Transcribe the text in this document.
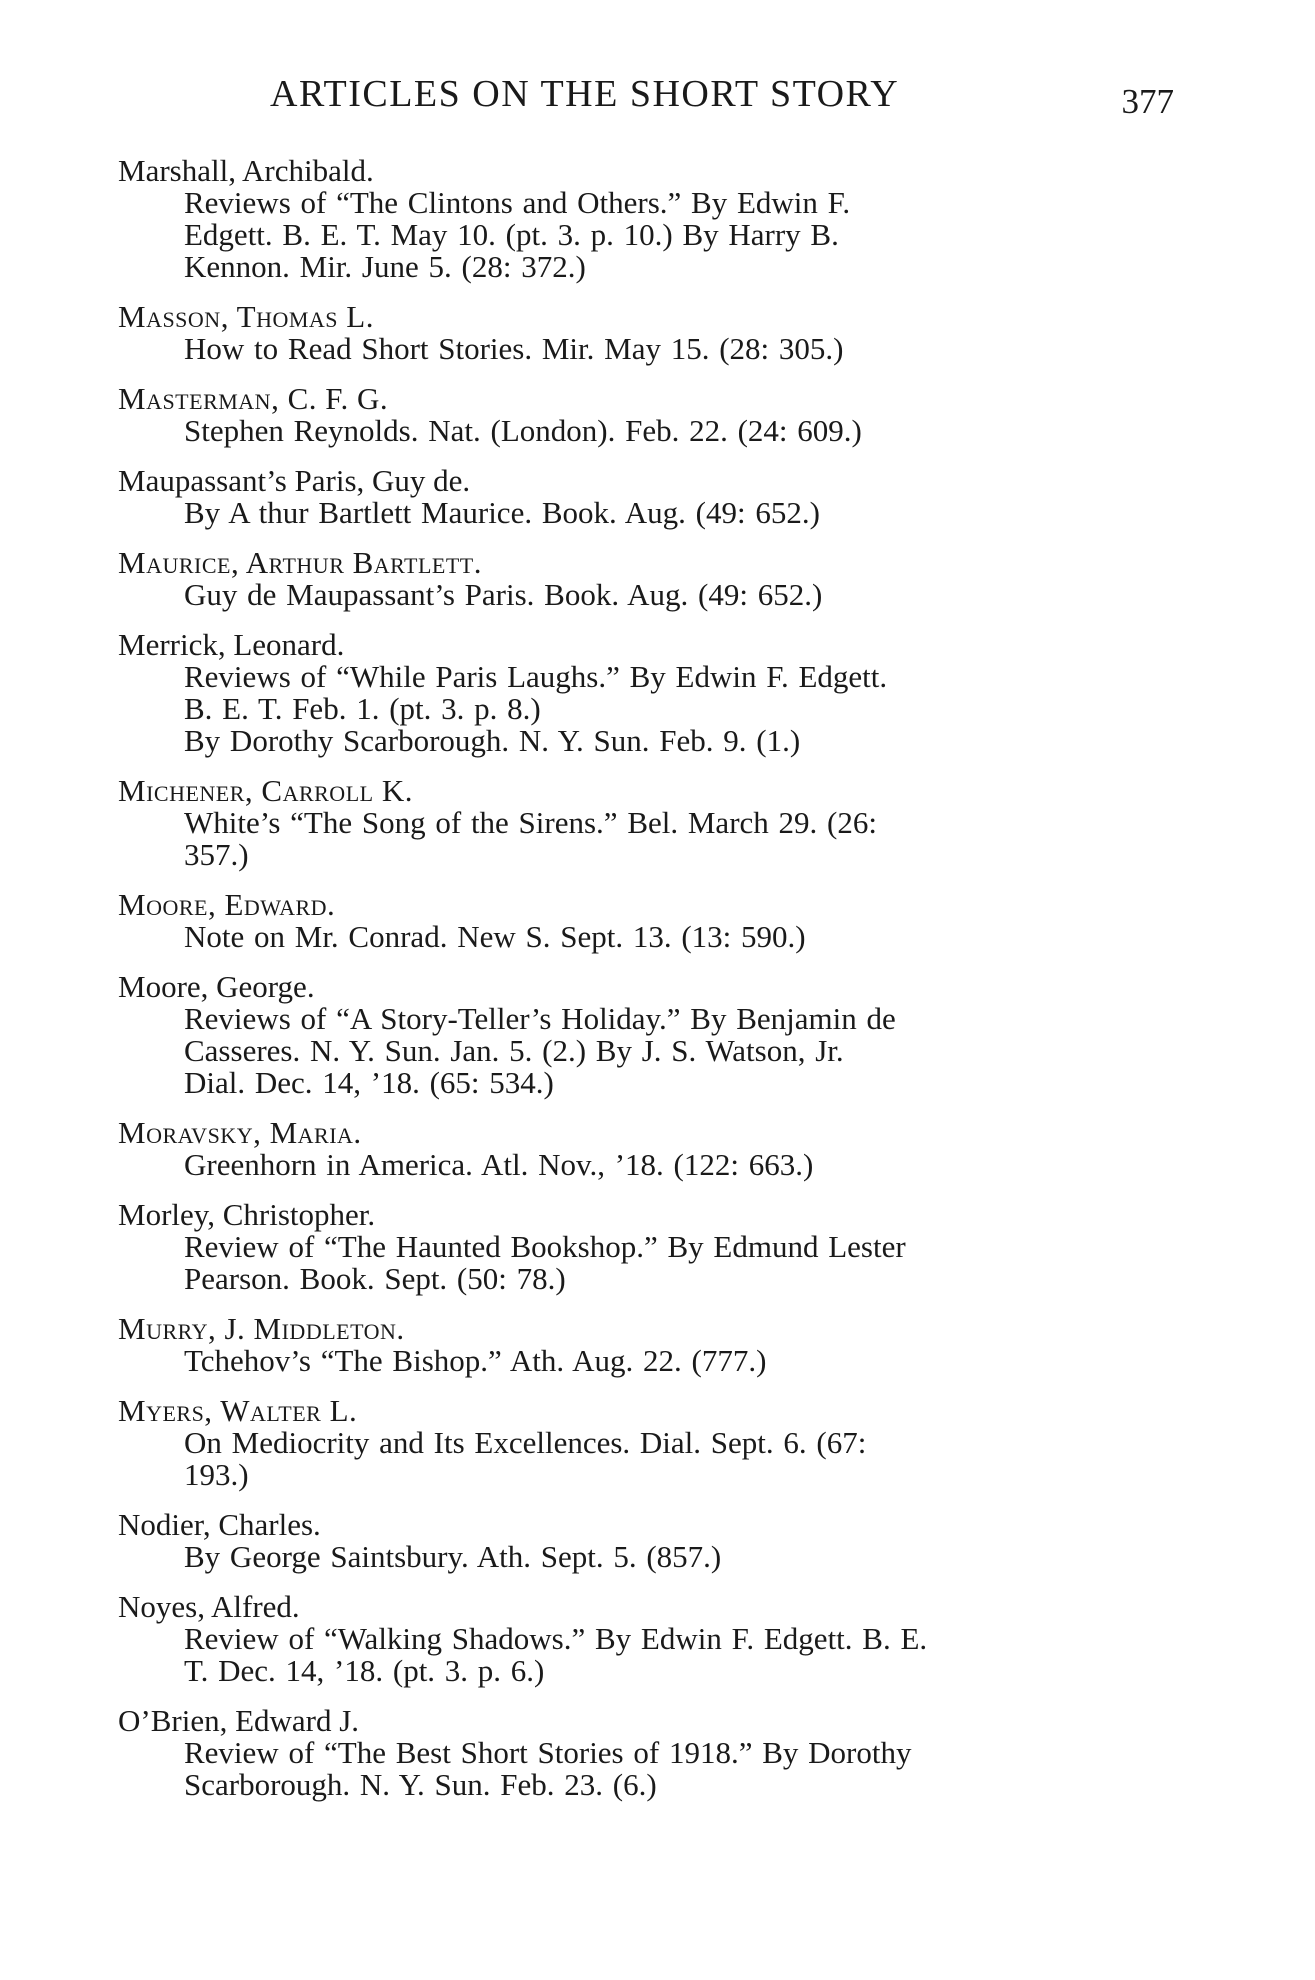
ARTICLES ON THE SHORT STORY	377
Marshall, Archibald.
Reviews of “The Clintons and Others.” By Edwin F.
Edgett. B. E. T. May 10. (pt. 3. p. 10.) By Harry B.
Kennon. Mir. June 5. (28: 372.)
Masson, Thomas L.
How to Read Short Stories. Mir. May 15. (28: 305.)
Masterman, C. F. G.
Stephen Reynolds. Nat. (London). Feb. 22. (24: 609.)
Maupassant’s Paris, Guy de.
By A thur Bartlett Maurice. Book. Aug. (49: 652.)
Maurice, Arthur Bartlett.
Guy de Maupassant’s Paris. Book. Aug. (49: 652.)
Merrick, Leonard.
Reviews of “While Paris Laughs.” By Edwin F. Edgett.
B. E. T. Feb. 1. (pt. 3. p. 8.)
By Dorothy Scarborough. N. Y. Sun. Feb. 9. (1.)
Michener, Carroll K.
White’s “The Song of the Sirens.” Bel. March 29. (26:
357.)
Moore, Edward.
Note on Mr. Conrad. New S. Sept. 13. (13: 590.)
Moore, George.
Reviews of “A Story-Teller’s Holiday.” By Benjamin de
Casseres. N. Y. Sun. Jan. 5. (2.) By J. S. Watson, Jr.
Dial. Dec. 14, ’18. (65: 534.)
Moravsky, Maria.
Greenhorn in America. Atl. Nov., ’18. (122: 663.)
Morley, Christopher.
Review of “The Haunted Bookshop.” By Edmund Lester
Pearson. Book. Sept. (50: 78.)
Murry, J. Middleton.
Tchehov’s “The Bishop.” Ath. Aug. 22. (777.)
Myers, Walter L.
On Mediocrity and Its Excellences. Dial. Sept. 6. (67:
193.)
Nodier, Charles.
By George Saintsbury. Ath. Sept. 5. (857.)
Noyes, Alfred.
Review of “Walking Shadows.” By Edwin F. Edgett. B. E.
T. Dec. 14, ’18. (pt. 3. p. 6.)
O’Brien, Edward J.
Review of “The Best Short Stories of 1918.” By Dorothy
Scarborough. N. Y. Sun. Feb. 23. (6.)
